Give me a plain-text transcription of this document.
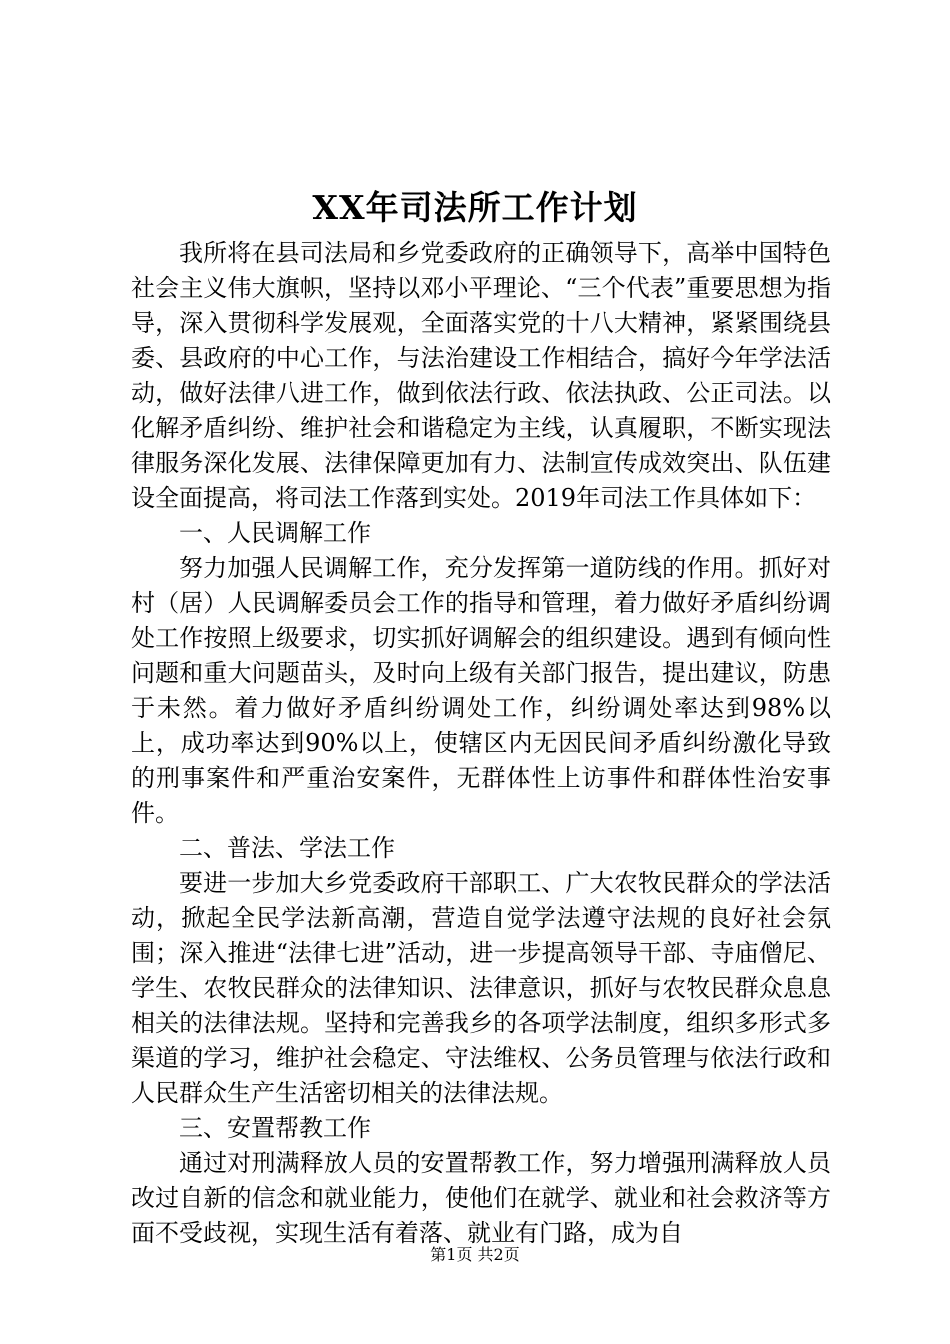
XX年司法所工作计划

我所将在县司法局和乡党委政府的正确领导下，高举中国特色社会主义伟大旗帜，坚持以邓小平理论、“三个代表”重要思想为指导，深入贯彻科学发展观，全面落实党的十八大精神，紧紧围绕县委、县政府的中心工作，与法治建设工作相结合，搞好今年学法活动，做好法律八进工作，做到依法行政、依法执政、公正司法。以化解矛盾纠纷、维护社会和谐稳定为主线，认真履职，不断实现法律服务深化发展、法律保障更加有力、法制宣传成效突出、队伍建设全面提高，将司法工作落到实处。2019年司法工作具体如下：

一、人民调解工作

努力加强人民调解工作，充分发挥第一道防线的作用。抓好对村（居）人民调解委员会工作的指导和管理，着力做好矛盾纠纷调处工作按照上级要求，切实抓好调解会的组织建设。遇到有倾向性问题和重大问题苗头，及时向上级有关部门报告，提出建议，防患于未然。着力做好矛盾纠纷调处工作，纠纷调处率达到98%以上，成功率达到90%以上，使辖区内无因民间矛盾纠纷激化导致的刑事案件和严重治安案件，无群体性上访事件和群体性治安事件。

二、普法、学法工作

要进一步加大乡党委政府干部职工、广大农牧民群众的学法活动，掀起全民学法新高潮，营造自觉学法遵守法规的良好社会氛围；深入推进“法律七进”活动，进一步提高领导干部、寺庙僧尼、学生、农牧民群众的法律知识、法律意识，抓好与农牧民群众息息相关的法律法规。坚持和完善我乡的各项学法制度，组织多形式多渠道的学习，维护社会稳定、守法维权、公务员管理与依法行政和人民群众生产生活密切相关的法律法规。

三、安置帮教工作

通过对刑满释放人员的安置帮教工作，努力增强刑满释放人员改过自新的信念和就业能力，使他们在就学、就业和社会救济等方面不受歧视，实现生活有着落、就业有门路，成为自

第1页 共2页
